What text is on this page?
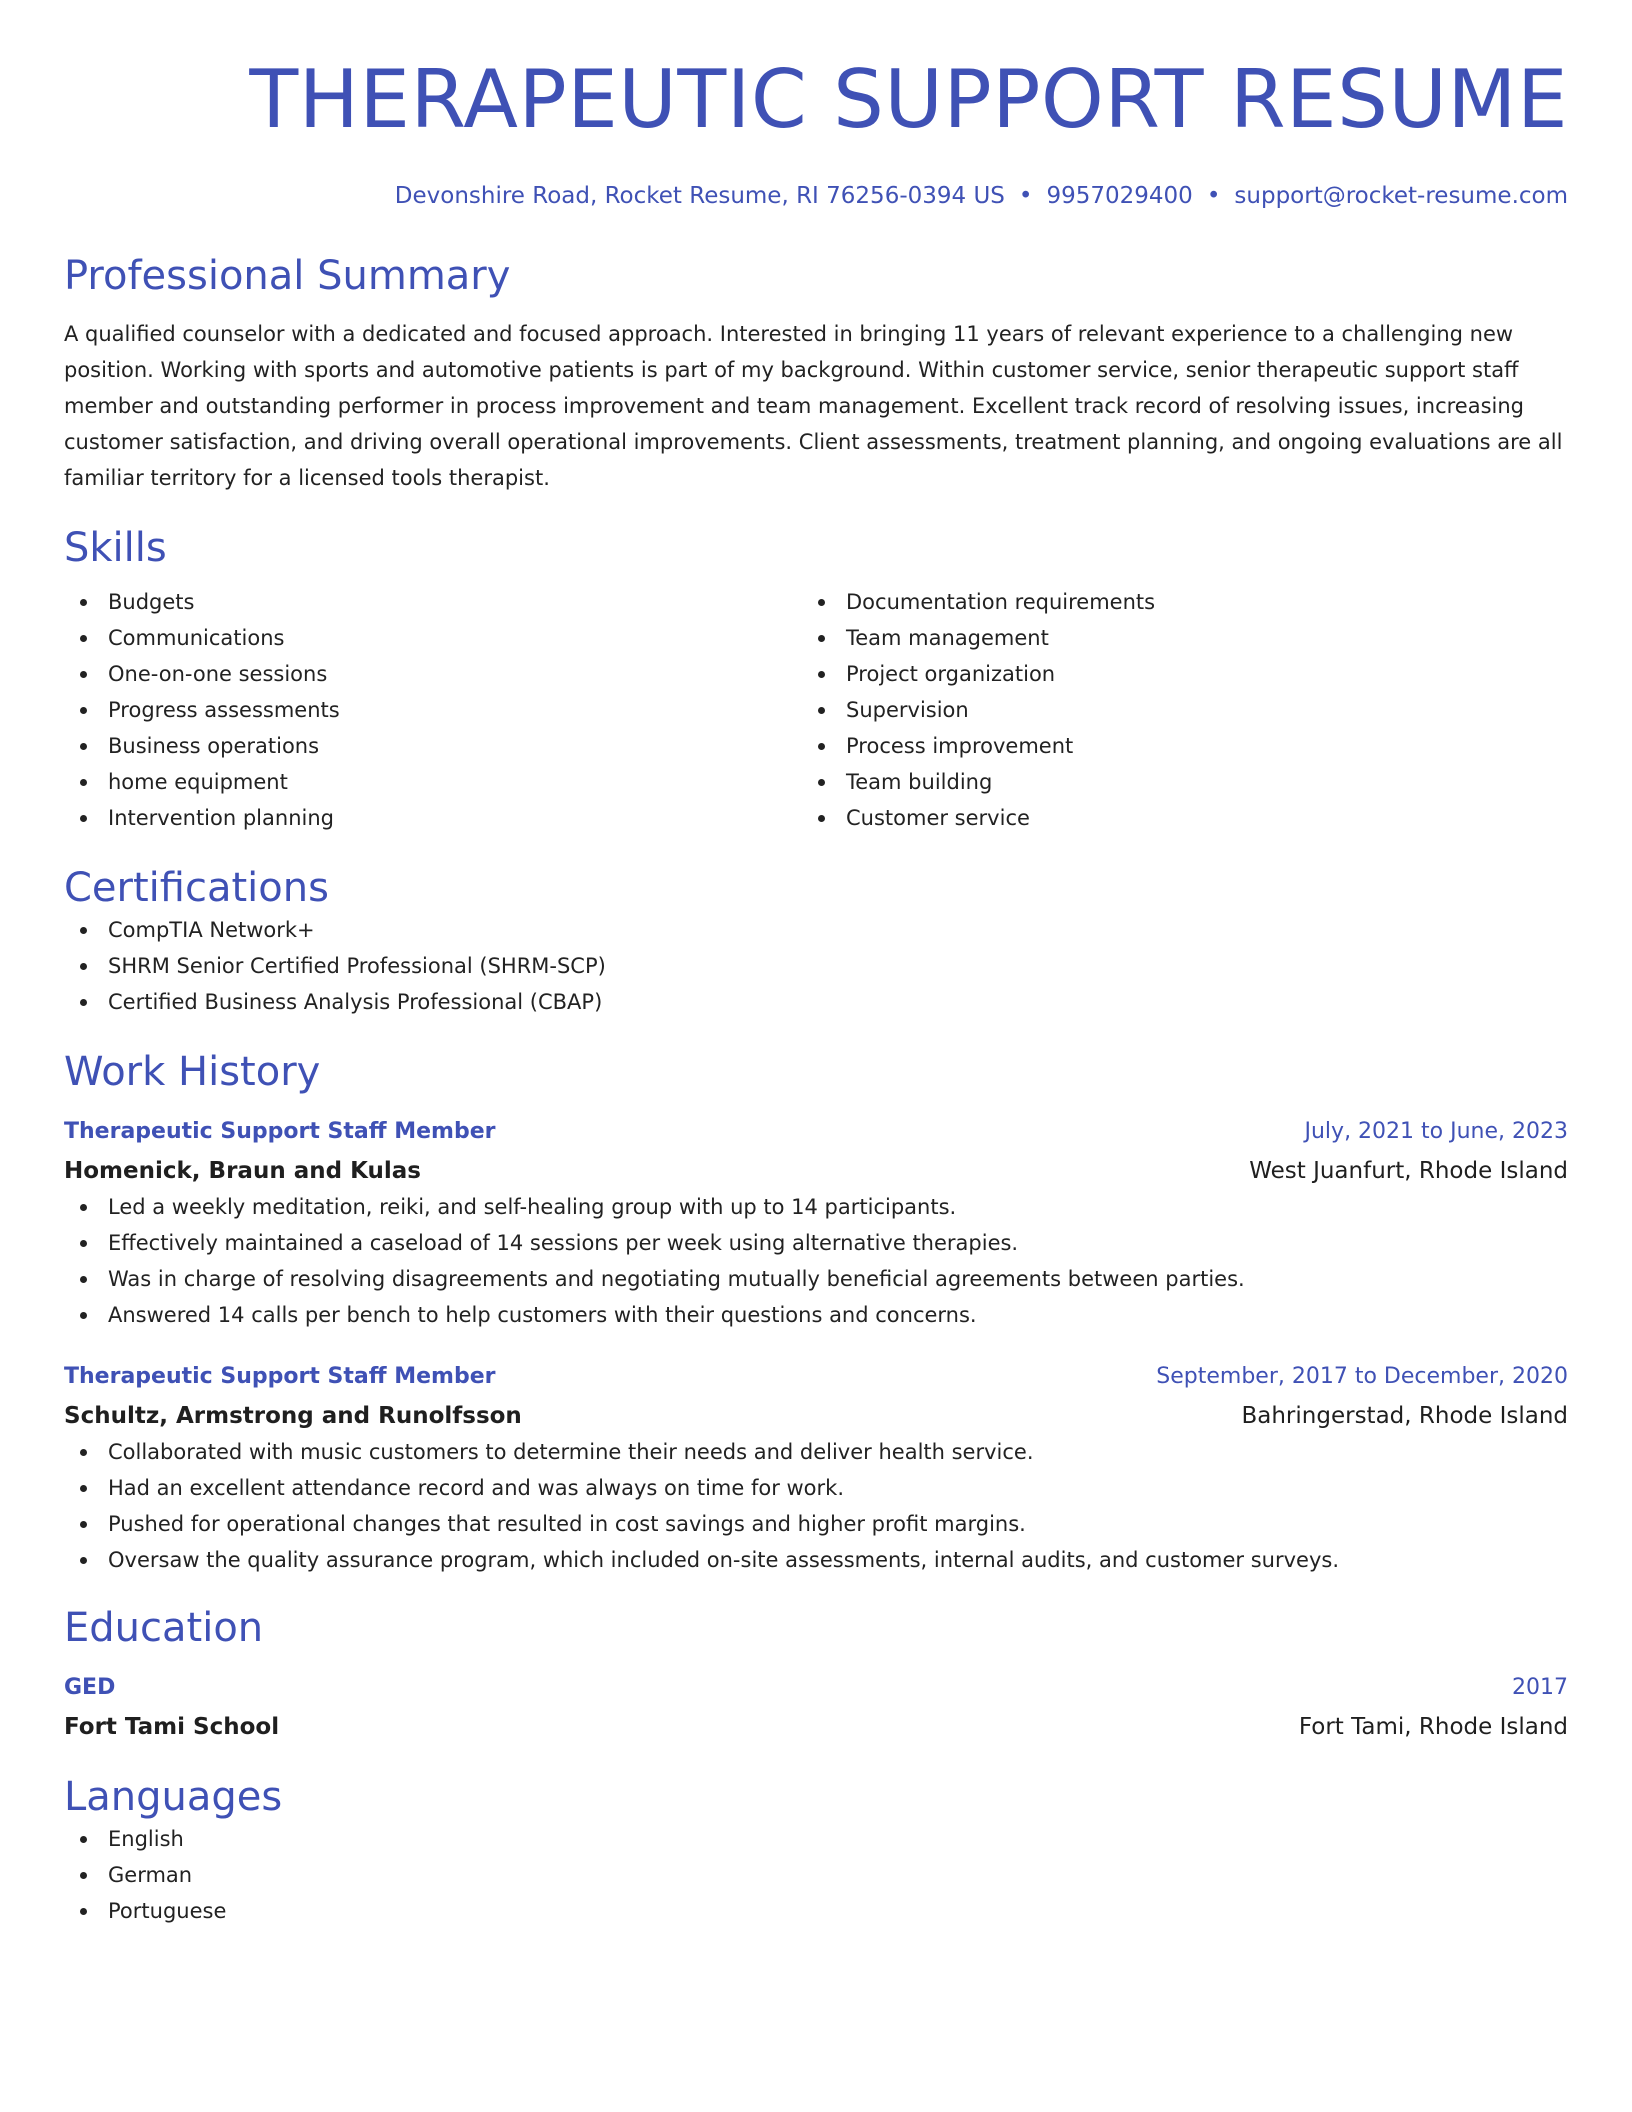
THERAPEUTIC SUPPORT RESUME
Devonshire Road, Rocket Resume, RI 76256-0394 US • 9957029400 • support@rocket-resume.com
Professional Summary
A qualified counselor with a dedicated and focused approach. Interested in bringing 11 years of relevant experience to a challenging new position. Working with sports and automotive patients is part of my background. Within customer service, senior therapeutic support staff member and outstanding performer in process improvement and team management. Excellent track record of resolving issues, increasing customer satisfaction, and driving overall operational improvements. Client assessments, treatment planning, and ongoing evaluations are all familiar territory for a licensed tools therapist.
Skills
Budgets
Communications
One-on-one sessions
Progress assessments
Business operations
home equipment
Intervention planning
Documentation requirements
Team management
Project organization
Supervision
Process improvement
Team building
Customer service
Certifications
CompTIA Network+
SHRM Senior Certified Professional (SHRM-SCP)
Certified Business Analysis Professional (CBAP)
Work History
Therapeutic Support Staff Member	July, 2021 to June, 2023
Homenick, Braun and Kulas	West Juanfurt, Rhode Island
Led a weekly meditation, reiki, and self-healing group with up to 14 participants.
Effectively maintained a caseload of 14 sessions per week using alternative therapies.
Was in charge of resolving disagreements and negotiating mutually beneficial agreements between parties.
Answered 14 calls per bench to help customers with their questions and concerns.
Therapeutic Support Staff Member	September, 2017 to December, 2020
Schultz, Armstrong and Runolfsson	Bahringerstad, Rhode Island
Collaborated with music customers to determine their needs and deliver health service.
Had an excellent attendance record and was always on time for work.
Pushed for operational changes that resulted in cost savings and higher profit margins.
Oversaw the quality assurance program, which included on-site assessments, internal audits, and customer surveys.
Education
GED	2017
Fort Tami School	Fort Tami, Rhode Island
Languages
English
German
Portuguese
